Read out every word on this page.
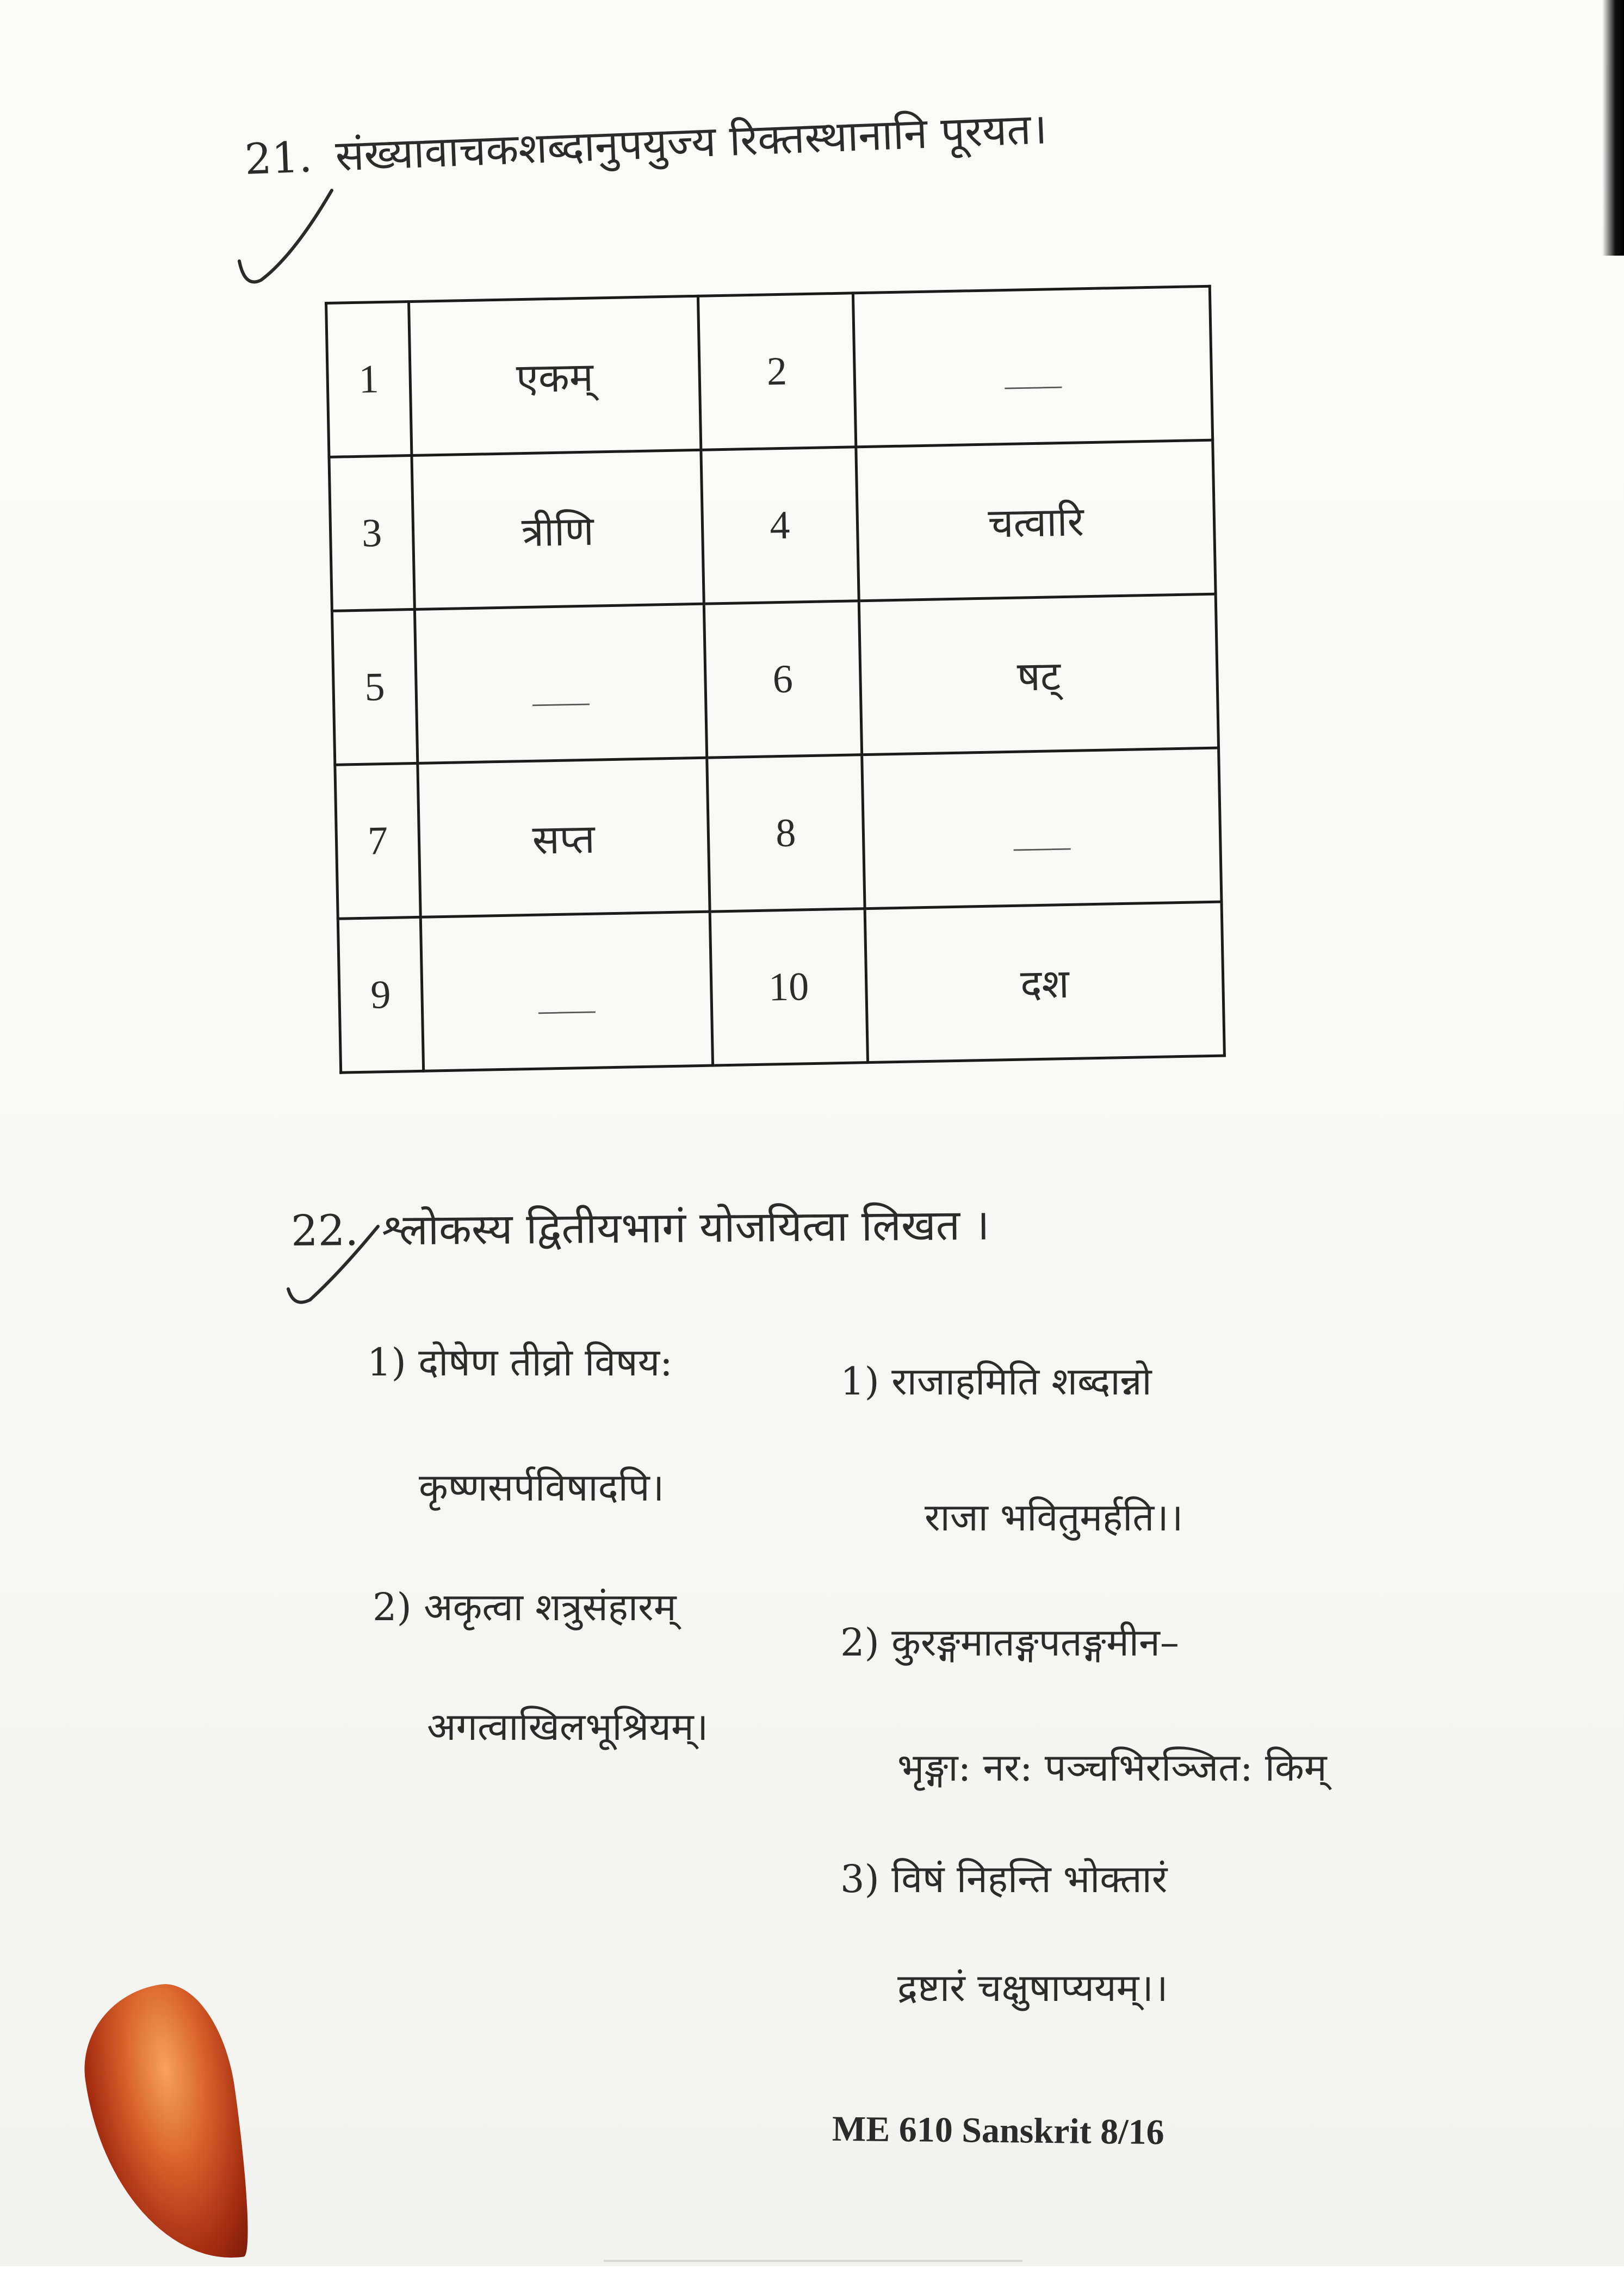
21. संख्यावाचकशब्दानुपयुज्य रिक्तस्थानानि पूरयत।
1	एकम्	2	___
3	त्रीणि	4	चत्वारि
5	___	6	षट्
7	सप्त	8	___
9	___	10	दश
22. श्लोकस्य द्वितीयभागं योजयित्वा लिखत ।
1) दोषेण तीव्रो विषय:
कृष्णसर्पविषादपि।
2) अकृत्वा शत्रुसंहारम्
अगत्वाखिलभूश्रियम्।
1) राजाहमिति शब्दान्नो
राजा भवितुमर्हति।।
2) कुरङ्गमातङ्गपतङ्गमीन–
भृङ्गा: नर: पञ्चभिरञ्जित: किम्
3) विषं निहन्ति भोक्तारं
द्रष्टारं चक्षुषाप्ययम्।।
ME 610 Sanskrit 8/16
